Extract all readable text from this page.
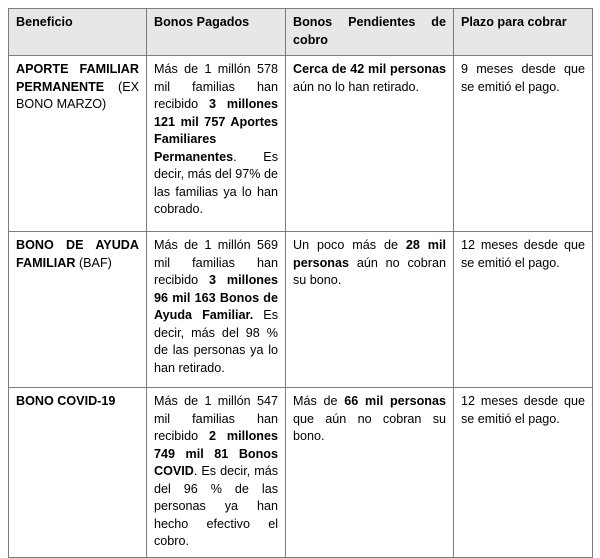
Beneficio	Bonos Pagados	Bonos Pendientes de cobro	Plazo para cobrar
APORTE FAMILIAR PERMANENTE (EX BONO MARZO)	Más de 1 millón 578 mil familias han recibido 3 millones 121 mil 757 Aportes Familiares Permanentes. Es decir, más del 97% de las familias ya lo han cobrado.	Cerca de 42 mil personas aún no lo han retirado.	9 meses desde que se emitió el pago.
BONO DE AYUDA FAMILIAR (BAF)	Más de 1 millón 569 mil familias han recibido 3 millones 96 mil 163 Bonos de Ayuda Familiar. Es decir, más del 98 % de las personas ya lo han retirado.	Un poco más de 28 mil personas aún no cobran su bono.	12 meses desde que se emitió el pago.
BONO COVID-19	Más de 1 millón 547 mil familias han recibido 2 millones 749 mil 81 Bonos COVID. Es decir, más del 96 % de las personas ya han hecho efectivo el cobro.	Más de 66 mil personas que aún no cobran su bono.	12 meses desde que se emitió el pago.
